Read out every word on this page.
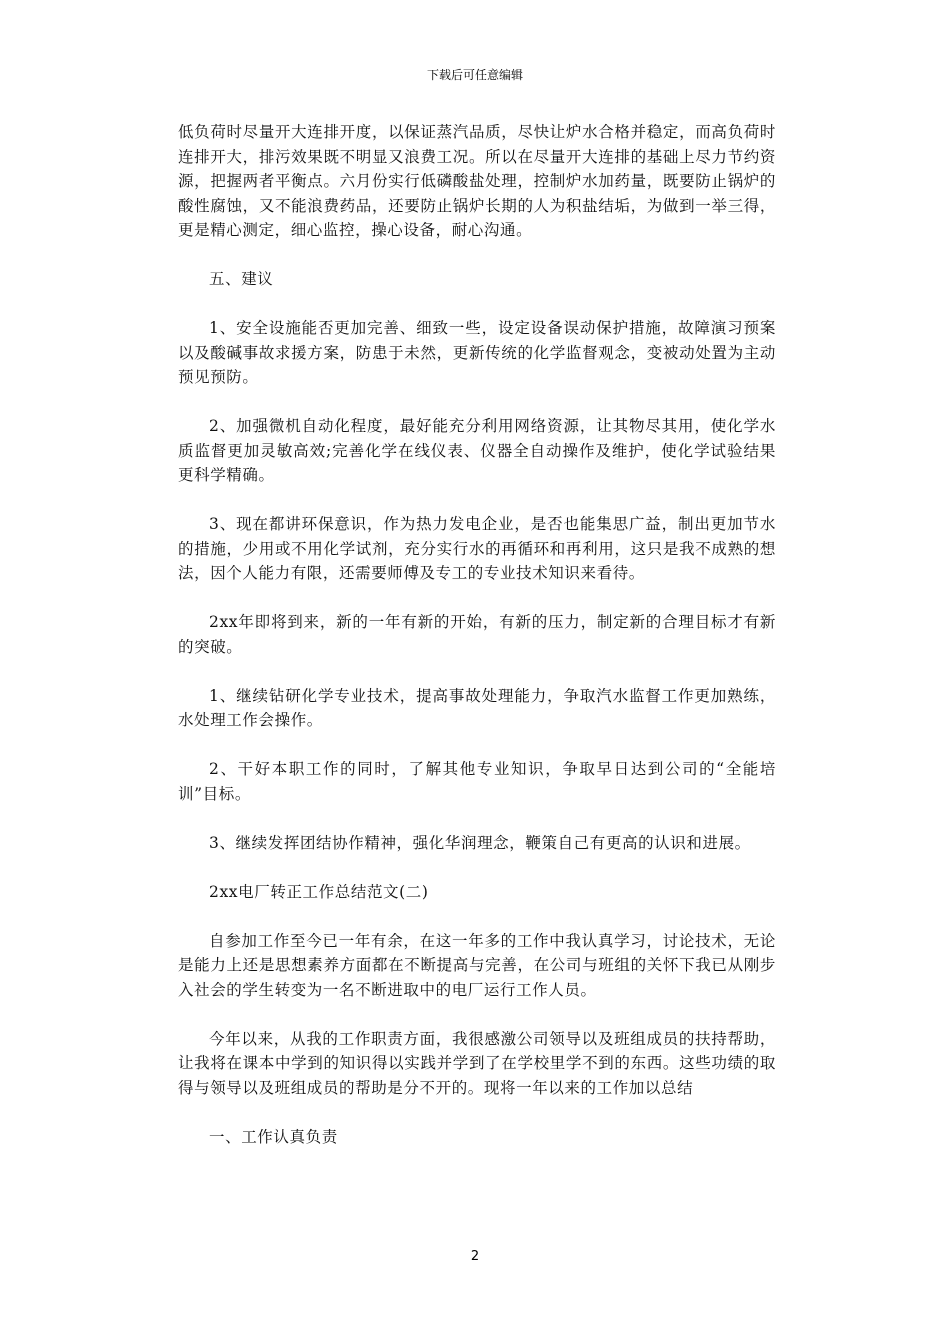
下载后可任意编辑

低负荷时尽量开大连排开度，以保证蒸汽品质，尽快让炉水合格并稳定，而高负荷时连排开大，排污效果既不明显又浪费工况。所以在尽量开大连排的基础上尽力节约资源，把握两者平衡点。六月份实行低磷酸盐处理，控制炉水加药量，既要防止锅炉的酸性腐蚀，又不能浪费药品，还要防止锅炉长期的人为积盐结垢，为做到一举三得，更是精心测定，细心监控，操心设备，耐心沟通。

五、建议

1、安全设施能否更加完善、细致一些，设定设备误动保护措施，故障演习预案以及酸碱事故求援方案，防患于未然，更新传统的化学监督观念，变被动处置为主动预见预防。

2、加强微机自动化程度，最好能充分利用网络资源，让其物尽其用，使化学水质监督更加灵敏高效;完善化学在线仪表、仪器全自动操作及维护，使化学试验结果更科学精确。

3、现在都讲环保意识，作为热力发电企业，是否也能集思广益，制出更加节水的措施，少用或不用化学试剂，充分实行水的再循环和再利用，这只是我不成熟的想法，因个人能力有限，还需要师傅及专工的专业技术知识来看待。

2xx年即将到来，新的一年有新的开始，有新的压力，制定新的合理目标才有新的突破。

1、继续钻研化学专业技术，提高事故处理能力，争取汽水监督工作更加熟练，水处理工作会操作。

2、干好本职工作的同时，了解其他专业知识，争取早日达到公司的“全能培训”目标。

3、继续发挥团结协作精神，强化华润理念，鞭策自己有更高的认识和进展。

2xx电厂转正工作总结范文(二)

自参加工作至今已一年有余，在这一年多的工作中我认真学习，讨论技术，无论是能力上还是思想素养方面都在不断提高与完善，在公司与班组的关怀下我已从刚步入社会的学生转变为一名不断进取中的电厂运行工作人员。

今年以来，从我的工作职责方面，我很感激公司领导以及班组成员的扶持帮助，让我将在课本中学到的知识得以实践并学到了在学校里学不到的东西。这些功绩的取得与领导以及班组成员的帮助是分不开的。现将一年以来的工作加以总结

一、工作认真负责

2
